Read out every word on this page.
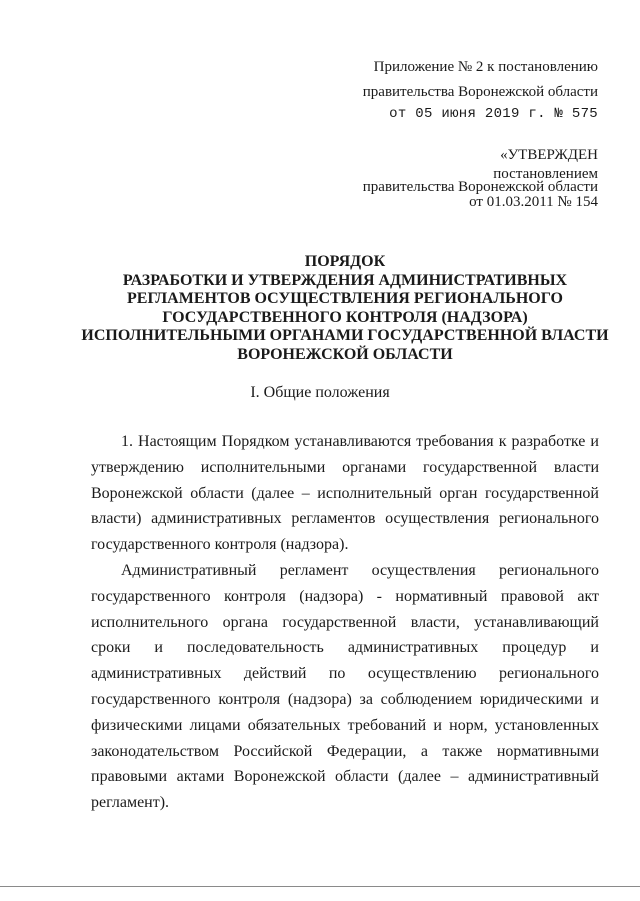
Приложение № 2 к постановлению
правительства Воронежской области
от 05 июня 2019 г. № 575
«УТВЕРЖДЕН
постановлением
правительства Воронежской области
от 01.03.2011 № 154
ПОРЯДОК
РАЗРАБОТКИ И УТВЕРЖДЕНИЯ АДМИНИСТРАТИВНЫХ
РЕГЛАМЕНТОВ ОСУЩЕСТВЛЕНИЯ РЕГИОНАЛЬНОГО
ГОСУДАРСТВЕННОГО КОНТРОЛЯ (НАДЗОРА)
ИСПОЛНИТЕЛЬНЫМИ ОРГАНАМИ ГОСУДАРСТВЕННОЙ ВЛАСТИ
ВОРОНЕЖСКОЙ ОБЛАСТИ
I. Общие положения

1. Настоящим Порядком устанавливаются требования к разработке и утверждению исполнительными органами государственной власти Воронежской области (далее – исполнительный орган государственной власти) административных регламентов осуществления регионального государственного контроля (надзора).

Административный регламент осуществления регионального государственного контроля (надзора) - нормативный правовой акт исполнительного органа государственной власти, устанавливающий сроки и последовательность административных процедур и административных действий по осуществлению регионального государственного контроля (надзора) за соблюдением юридическими и физическими лицами обязательных требований и норм, установленных законодательством Российской Федерации, а также нормативными правовыми актами Воронежской области (далее – административный регламент).
